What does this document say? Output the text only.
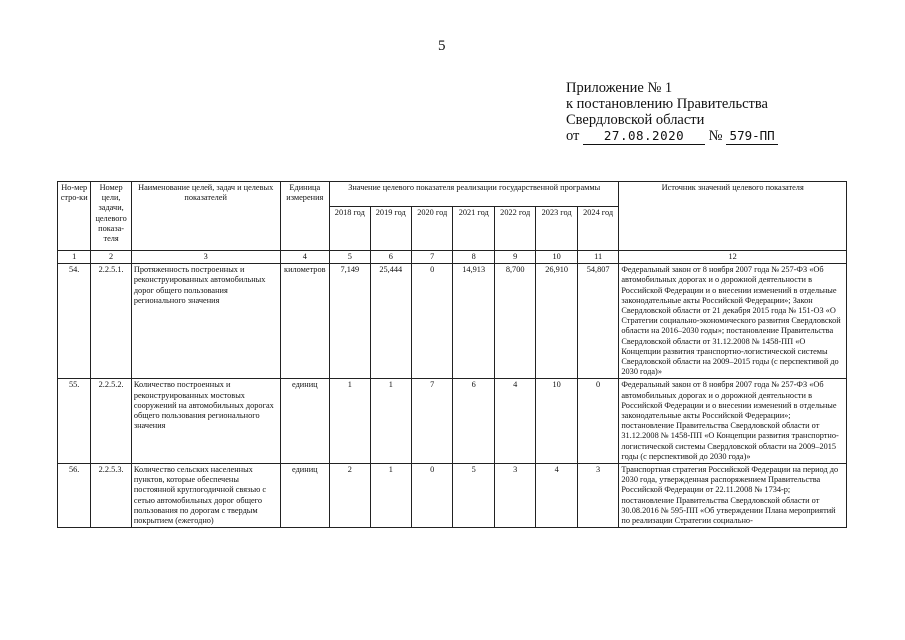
5
Приложение № 1
к постановлению Правительства
Свердловской области
от 27.08.2020 № 579-ПП
Но-мер стро-ки	Номер цели, задачи, целевого показа-теля	Наименование целей, задач и целевых показателей	Единица измерения	Значение целевого показателя реализации государственной программы							Источник значений целевого показателя
				2018 год	2019 год	2020 год	2021 год	2022 год	2023 год	2024 год	
1	2	3	4	5	6	7	8	9	10	11	12
54.	2.2.5.1.	Протяженность построенных и реконструированных автомобильных дорог общего пользования регионального значения	километров	7,149	25,444	0	14,913	8,700	26,910	54,807	Федеральный закон от 8 ноября 2007 года № 257-ФЗ «Об автомобильных дорогах и о дорожной деятельности в Российской Федерации и о внесении изменений в отдельные законодательные акты Российской Федерации»; Закон Свердловской области от 21 декабря 2015 года № 151-ОЗ «О Стратегии социально-экономического развития Свердловской области на 2016–2030 годы»; постановление Правительства Свердловской области от 31.12.2008 № 1458-ПП «О Концепции развития транспортно-логистической системы Свердловской области на 2009–2015 годы (с перспективой до 2030 года)»
55.	2.2.5.2.	Количество построенных и реконструированных мостовых сооружений на автомобильных дорогах общего пользования регионального значения	единиц	1	1	7	6	4	10	0	Федеральный закон от 8 ноября 2007 года № 257-ФЗ «Об автомобильных дорогах и о дорожной деятельности в Российской Федерации и о внесении изменений в отдельные законодательные акты Российской Федерации»; постановление Правительства Свердловской области от 31.12.2008 № 1458-ПП «О Концепции развития транспортно-логистической системы Свердловской области на 2009–2015 годы (с перспективой до 2030 года)»
56.	2.2.5.3.	Количество сельских населенных пунктов, которые обеспечены постоянной круглогодичной связью с сетью автомобильных дорог общего пользования по дорогам с твердым покрытием (ежегодно)	единиц	2	1	0	5	3	4	3	Транспортная стратегия Российской Федерации на период до 2030 года, утвержденная распоряжением Правительства Российской Федерации от 22.11.2008 № 1734-р; постановление Правительства Свердловской области от 30.08.2016 № 595-ПП «Об утверждении Плана мероприятий по реализации Стратегии социально-
